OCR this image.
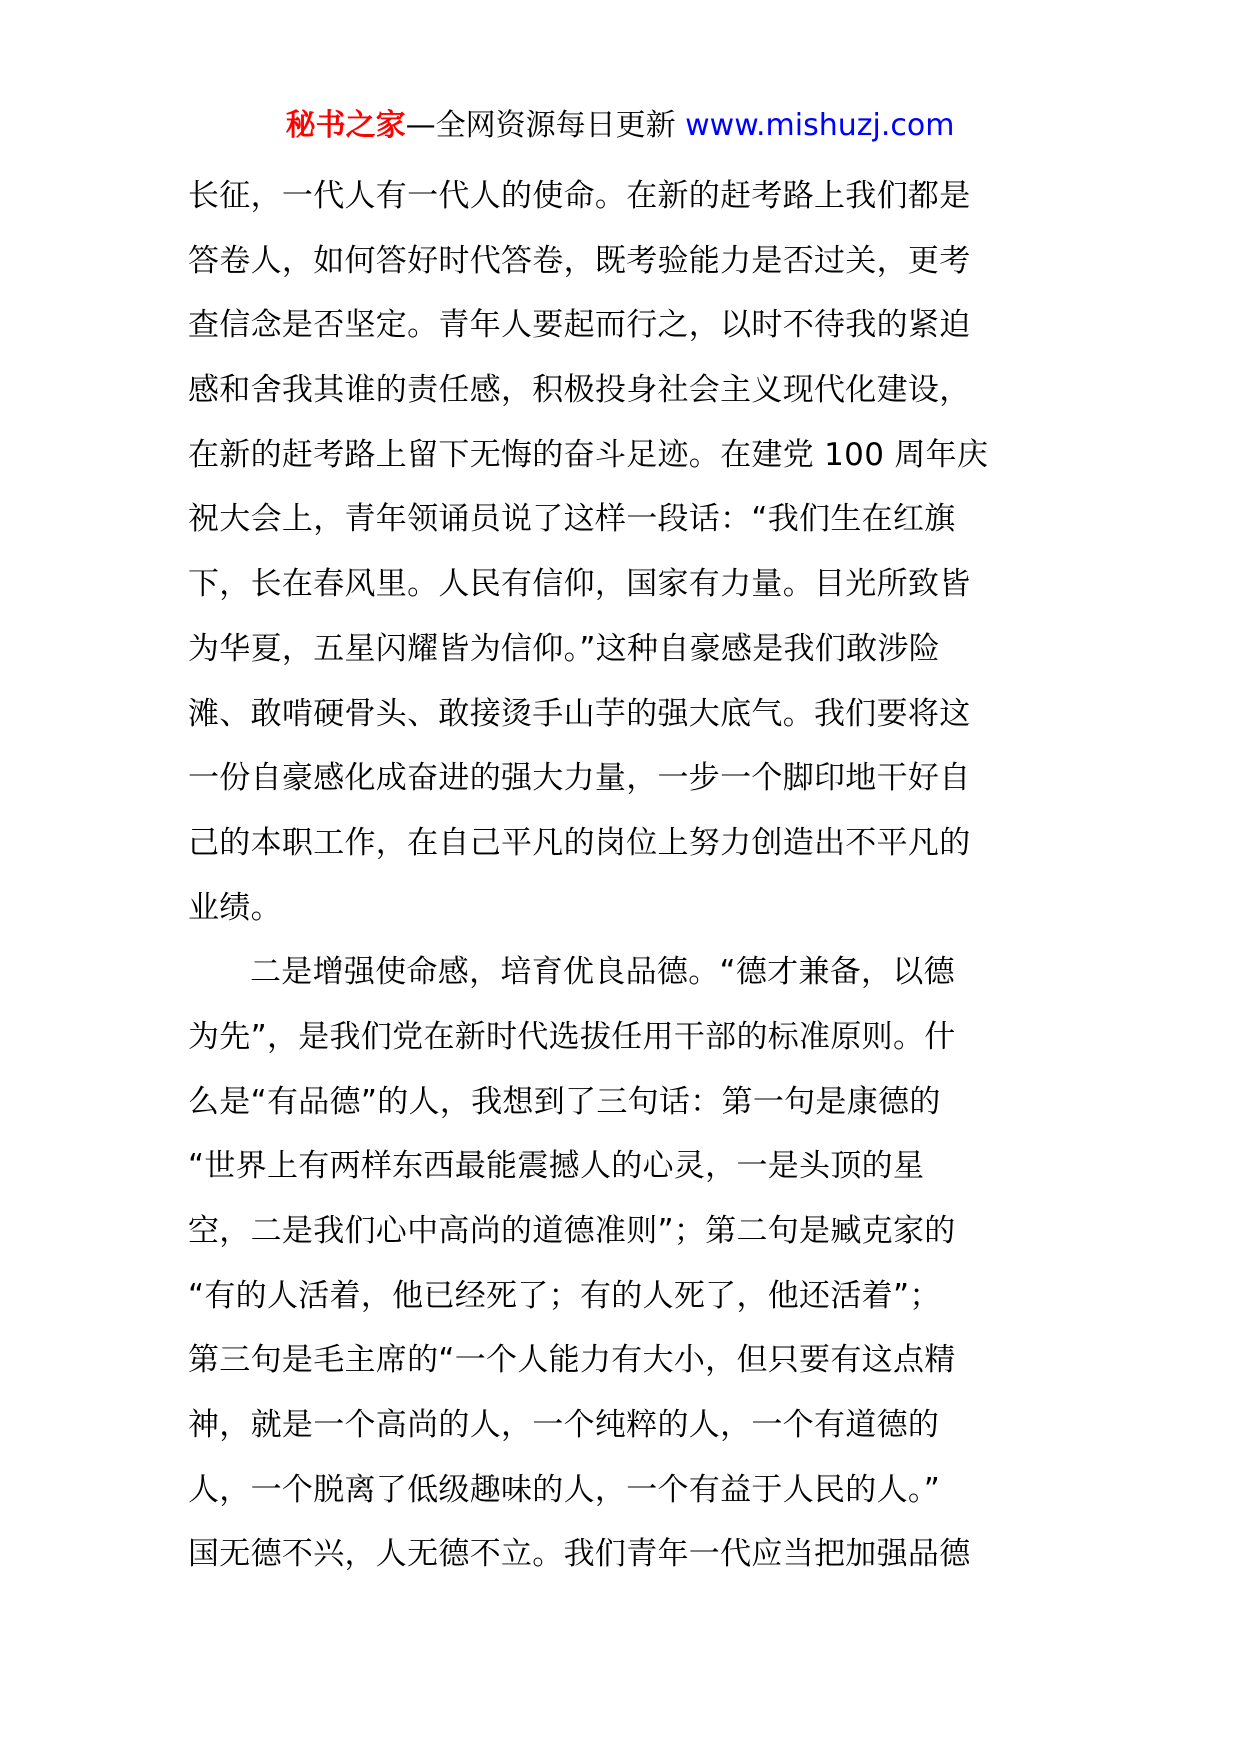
秘书之家—全网资源每日更新 www.mishuzj.com
长征，一代人有一代人的使命。在新的赶考路上我们都是
答卷人，如何答好时代答卷，既考验能力是否过关，更考
查信念是否坚定。青年人要起而行之，以时不待我的紧迫
感和舍我其谁的责任感，积极投身社会主义现代化建设，
在新的赶考路上留下无悔的奋斗足迹。在建党 100 周年庆
祝大会上，青年领诵员说了这样一段话：“我们生在红旗
下，长在春风里。人民有信仰，国家有力量。目光所致皆
为华夏，五星闪耀皆为信仰。”这种自豪感是我们敢涉险
滩、敢啃硬骨头、敢接烫手山芋的强大底气。我们要将这
一份自豪感化成奋进的强大力量，一步一个脚印地干好自
己的本职工作，在自己平凡的岗位上努力创造出不平凡的
业绩。
二是增强使命感，培育优良品德。“德才兼备，以德
为先”，是我们党在新时代选拔任用干部的标准原则。什
么是“有品德”的人，我想到了三句话：第一句是康德的
“世界上有两样东西最能震撼人的心灵，一是头顶的星
空，二是我们心中高尚的道德准则”；第二句是臧克家的
“有的人活着，他已经死了；有的人死了，他还活着”；
第三句是毛主席的“一个人能力有大小，但只要有这点精
神，就是一个高尚的人，一个纯粹的人，一个有道德的
人，一个脱离了低级趣味的人，一个有益于人民的人。”
国无德不兴，人无德不立。我们青年一代应当把加强品德
